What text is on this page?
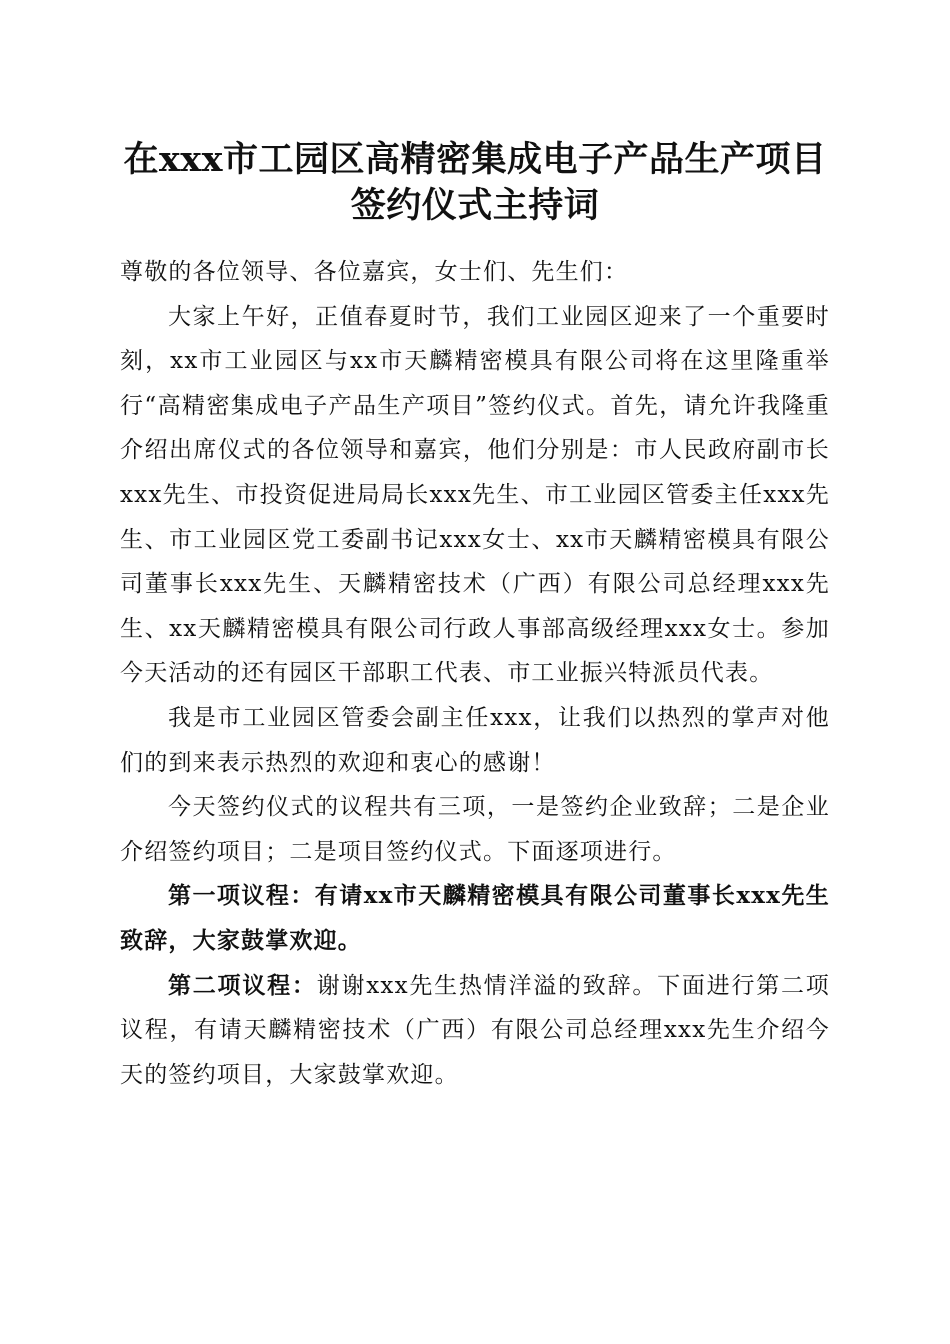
在xxx市工园区高精密集成电子产品生产项目
签约仪式主持词

尊敬的各位领导、各位嘉宾，女士们、先生们：

大家上午好，正值春夏时节，我们工业园区迎来了一个重要时刻，xx市工业园区与xx市天麟精密模具有限公司将在这里隆重举行“高精密集成电子产品生产项目”签约仪式。首先，请允许我隆重介绍出席仪式的各位领导和嘉宾，他们分别是：市人民政府副市长xxx先生、市投资促进局局长xxx先生、市工业园区管委主任xxx先生、市工业园区党工委副书记xxx女士、xx市天麟精密模具有限公司董事长xxx先生、天麟精密技术（广西）有限公司总经理xxx先生、xx天麟精密模具有限公司行政人事部高级经理xxx女士。参加今天活动的还有园区干部职工代表、市工业振兴特派员代表。

我是市工业园区管委会副主任xxx，让我们以热烈的掌声对他们的到来表示热烈的欢迎和衷心的感谢！

今天签约仪式的议程共有三项，一是签约企业致辞；二是企业介绍签约项目；二是项目签约仪式。下面逐项进行。

第一项议程：有请xx市天麟精密模具有限公司董事长xxx先生致辞，大家鼓掌欢迎。

第二项议程：谢谢xxx先生热情洋溢的致辞。下面进行第二项议程，有请天麟精密技术（广西）有限公司总经理xxx先生介绍今天的签约项目，大家鼓掌欢迎。
